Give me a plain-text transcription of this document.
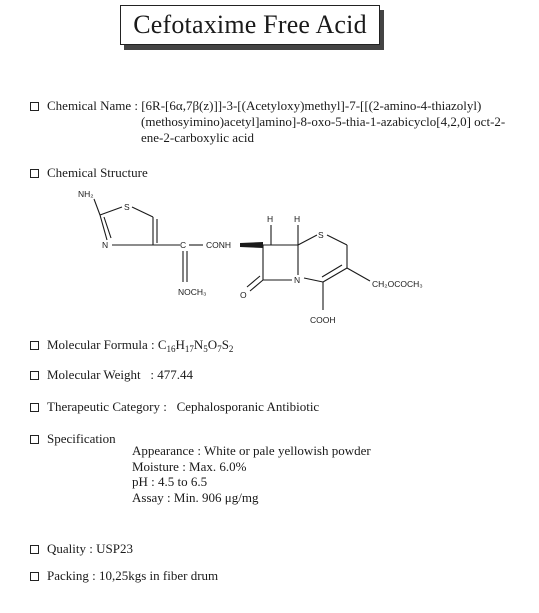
Cefotaxime Free Acid
Chemical Name : [6R-[6α,7β(z)]]-3-[(Acetyloxy)methyl]-7-[[(2-amino-4-thiazolyl)
(methosyimino)acetyl]amino]-8-oxo-5-thia-1-azabicyclo[4,2,0] oct-2-
ene-2-carboxylic acid
Chemical Structure
NH₂
S
N	C CONH
NOCH₃
H H
S
N
O
CH₂OCOCH₃
COOH
Molecular Formula : $C_{16}H_{17}N_5O_7S_2$
Molecular Weight : 477.44
Therapeutic Category : Cephalosporanic Antibiotic
Specification
Appearance : White or pale yellowish powder
Moisture : Max. 6.0%
pH : 4.5 to 6.5
Assay : Min. 906 μg/mg
Quality : USP23
Packing : 10,25kgs in fiber drum
